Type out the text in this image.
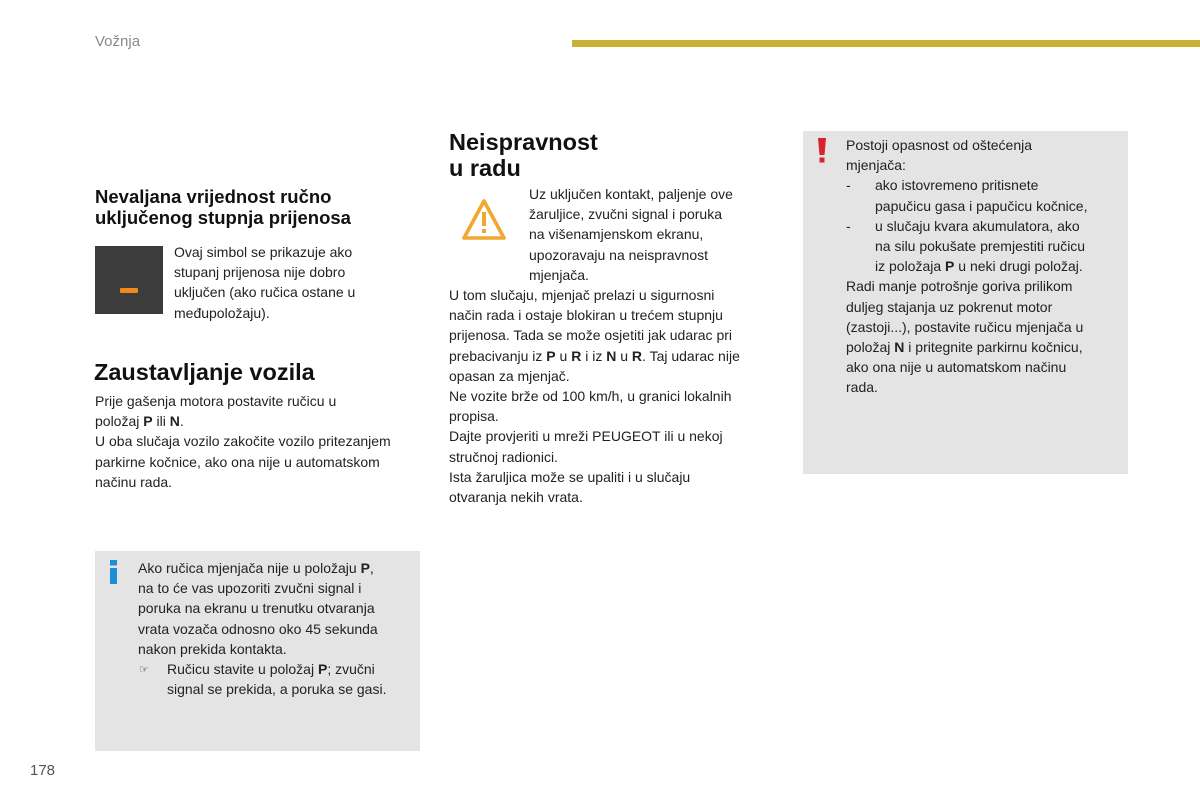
Vožnja
Nevaljana vrijednost ručno
uključenog stupnja prijenosa

Ovaj simbol se prikazuje ako

stupanj prijenosa nije dobro

uključen (ako ručica ostane u

međupoložaju).

Zaustavljanje vozila

Prije gašenja motora postavite ručicu u

položaj P ili N.

U oba slučaja vozilo zakočite vozilo pritezanjem

parkirne kočnice, ako ona nije u automatskom

načinu rada.

Ako ručica mjenjača nije u položaju P,

na to će vas upozoriti zvučni signal i

poruka na ekranu u trenutku otvaranja

vrata vozača odnosno oko 45 sekunda

nakon prekida kontakta.

☞ Ručicu stavite u položaj P; zvučni

signal se prekida, a poruka se gasi.

Neispravnost
u radu

Uz uključen kontakt, paljenje ove

žaruljice, zvučni signal i poruka

na višenamjenskom ekranu,

upozoravaju na neispravnost

mjenjača.

U tom slučaju, mjenjač prelazi u sigurnosni

način rada i ostaje blokiran u trećem stupnju

prijenosa. Tada se može osjetiti jak udarac pri

prebacivanju iz P u R i iz N u R. Taj udarac nije

opasan za mjenjač.

Ne vozite brže od 100 km/h, u granici lokalnih

propisa.

Dajte provjeriti u mreži PEUGEOT ili u nekoj

stručnoj radionici.

Ista žaruljica može se upaliti i u slučaju

otvaranja nekih vrata.

Postoji opasnost od oštećenja

mjenjača:

- ako istovremeno pritisnete

papučicu gasa i papučicu kočnice,

- u slučaju kvara akumulatora, ako

na silu pokušate premjestiti ručicu

iz položaja P u neki drugi položaj.

Radi manje potrošnje goriva prilikom

duljeg stajanja uz pokrenut motor

(zastoji...), postavite ručicu mjenjača u

položaj N i pritegnite parkirnu kočnicu,

ako ona nije u automatskom načinu

rada.

178
